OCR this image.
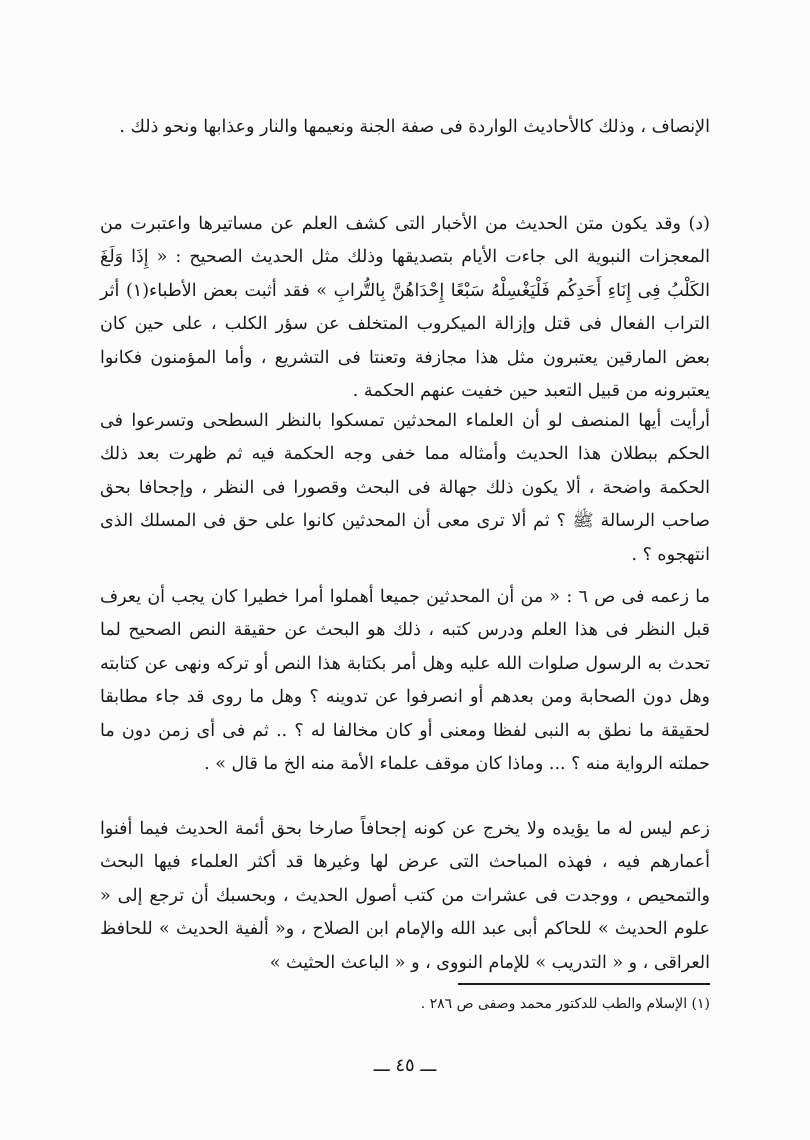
الإنصاف ، وذلك كالأحاديث الواردة فى صفة الجنة ونعيمها والنار وعذابها ونحو ذلك .

(د) وقد يكون متن الحديث من الأخبار التى كشف العلم عن مساتيرها واعتبرت من المعجزات النبوية الى جاءت الأيام بتصديقها وذلك مثل الحديث الصحيح : « إِذَا وَلَغَ الكَلْبُ فِى إِنَاءِ أَحَدِكُم فَلْيَغْسِلْهُ سَبْعًا إِحْدَاهُنَّ بِالتُّرابِ » فقد أثبت بعض الأطباء(١) أثر التراب الفعال فى قتل وإزالة الميكروب المتخلف عن سؤر الكلب ، على حين كان بعض المارقين يعتبرون مثل هذا مجازفة وتعنتا فى التشريع ، وأما المؤمنون فكانوا يعتبرونه من قبيل التعبد حين خفيت عنهم الحكمة .

أرأيت أيها المنصف لو أن العلماء المحدثين تمسكوا بالنظر السطحى وتسرعوا فى الحكم ببطلان هذا الحديث وأمثاله مما خفى وجه الحكمة فيه ثم ظهرت بعد ذلك الحكمة واضحة ، ألا يكون ذلك جهالة فى البحث وقصورا فى النظر ، وإجحافا بحق صاحب الرسالة ﷺ ؟ ثم ألا ترى معى أن المحدثين كانوا على حق فى المسلك الذى انتهجوه ؟ .

ما زعمه فى ص ٦ : « من أن المحدثين جميعا أهملوا أمرا خطيرا كان يجب أن يعرف قبل النظر فى هذا العلم ودرس كتبه ، ذلك هو البحث عن حقيقة النص الصحيح لما تحدث به الرسول صلوات الله عليه وهل أمر بكتابة هذا النص أو تركه ونهى عن كتابته وهل دون الصحابة ومن بعدهم أو انصرفوا عن تدوينه ؟ وهل ما روى قد جاء مطابقا لحقيقة ما نطق به النبى لفظا ومعنى أو كان مخالفا له ؟ .. ثم فى أى زمن دون ما حملته الرواية منه ؟ ... وماذا كان موقف علماء الأمة منه الخ ما قال » .

زعم ليس له ما يؤيده ولا يخرج عن كونه إجحافاً صارخا بحق أئمة الحديث فيما أفنوا أعمارهم فيه ، فهذه المباحث التى عرض لها وغيرها قد أكثر العلماء فيها البحث والتمحيص ، ووجدت فى عشرات من كتب أصول الحديث ، وبحسبك أن ترجع إلى « علوم الحديث » للحاكم أبى عبد الله والإمام ابن الصلاح ، و« ألفية الحديث » للحافظ العراقى ، و « التدريب » للإمام النووى ، و « الباعث الحثيث »

(١) الإسلام والطب للدكتور محمد وصفى ص ٢٨٦ .
ـــ ٤٥ ـــ
